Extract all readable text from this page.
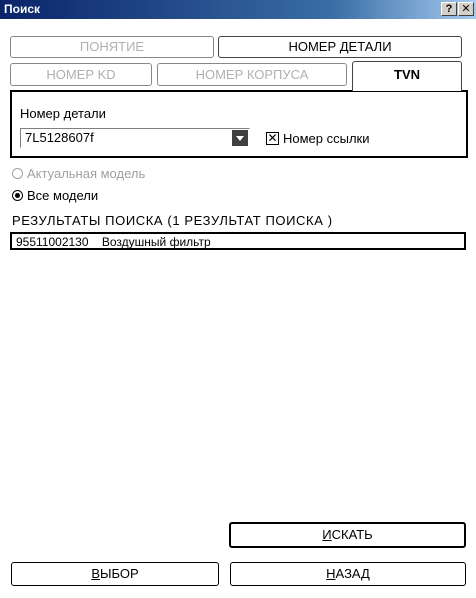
Поиск	? ✕
ПОНЯТИЕ	НОМЕР ДЕТАЛИ
НОМЕР KD	НОМЕР КОРПУСА	TVN
Номер детали
7L5128607f	✕ Номер ссылки
Актуальная модель
Все модели
РЕЗУЛЬТАТЫ ПОИСКА (1 РЕЗУЛЬТАТ ПОИСКА )
95511002130 Воздушный фильтр
ИСКАТЬ
ВЫБОР	НАЗАД
